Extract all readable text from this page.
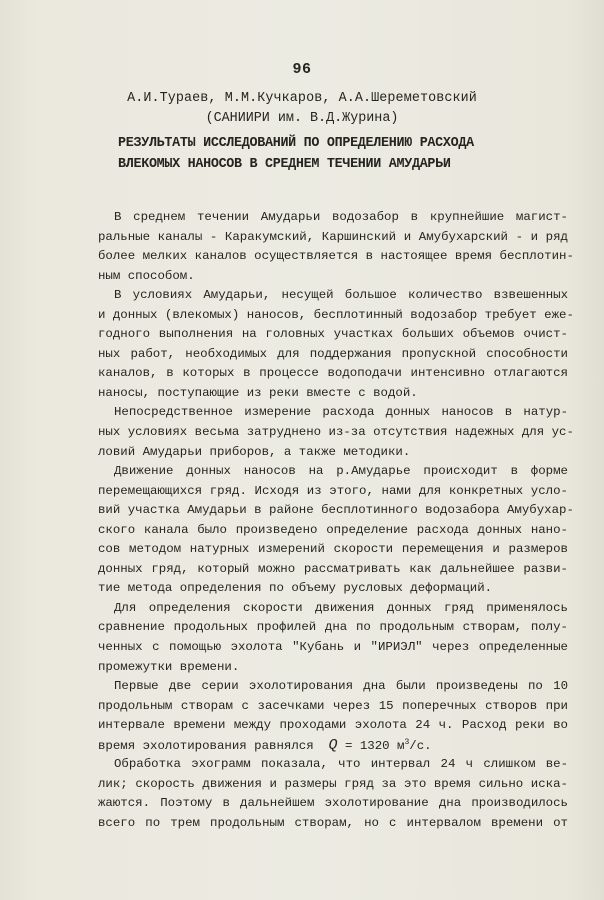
96
А.И.Тураев, М.М.Кучкаров, А.А.Шереметовский
(САНИИРИ им. В.Д.Журина)
РЕЗУЛЬТАТЫ ИССЛЕДОВАНИЙ ПО ОПРЕДЕЛЕНИЮ РАСХОДА
ВЛЕКОМЫХ НАНОСОВ В СРЕДНЕМ ТЕЧЕНИИ АМУДАРЬИ
В среднем течении Амударьи водозабор в крупнейшие магист-
ральные каналы - Каракумский, Каршинский и Амубухарский - и ряд
более мелких каналов осуществляется в настоящее время бесплотин-
ным способом.
В условиях Амударьи, несущей большое количество взвешенных
и донных (влекомых) наносов, бесплотинный водозабор требует еже-
годного выполнения на головных участках больших объемов очист-
ных работ, необходимых для поддержания пропускной способности
каналов, в которых в процессе водоподачи интенсивно отлагаются
наносы, поступающие из реки вместе с водой.
Непосредственное измерение расхода донных наносов в натур-
ных условиях весьма затруднено из-за отсутствия надежных для ус-
ловий Амударьи приборов, а также методики.
Движение донных наносов на р.Амударье происходит в форме
перемещающихся гряд. Исходя из этого, нами для конкретных усло-
вий участка Амударьи в районе бесплотинного водозабора Амубухар-
ского канала было произведено определение расхода донных нано-
сов методом натурных измерений скорости перемещения и размеров
донных гряд, который можно рассматривать как дальнейшее разви-
тие метода определения по объему русловых деформаций.
Для определения скорости движения донных гряд применялось
сравнение продольных профилей дна по продольным створам, полу-
ченных с помощью эхолота "Кубань и "ИРИЭЛ" через определенные
промежутки времени.
Первые две серии эхолотирования дна были произведены по 10
продольным створам с засечками через 15 поперечных створов при
интервале времени между проходами эхолота 24 ч. Расход реки во
время эхолотирования равнялся Q = 1320 $м^3/с$.
Обработка эхограмм показала, что интервал 24 ч слишком ве-
лик; скорость движения и размеры гряд за это время сильно иска-
жаются. Поэтому в дальнейшем эхолотирование дна производилось
всего по трем продольным створам, но с интервалом времени от
